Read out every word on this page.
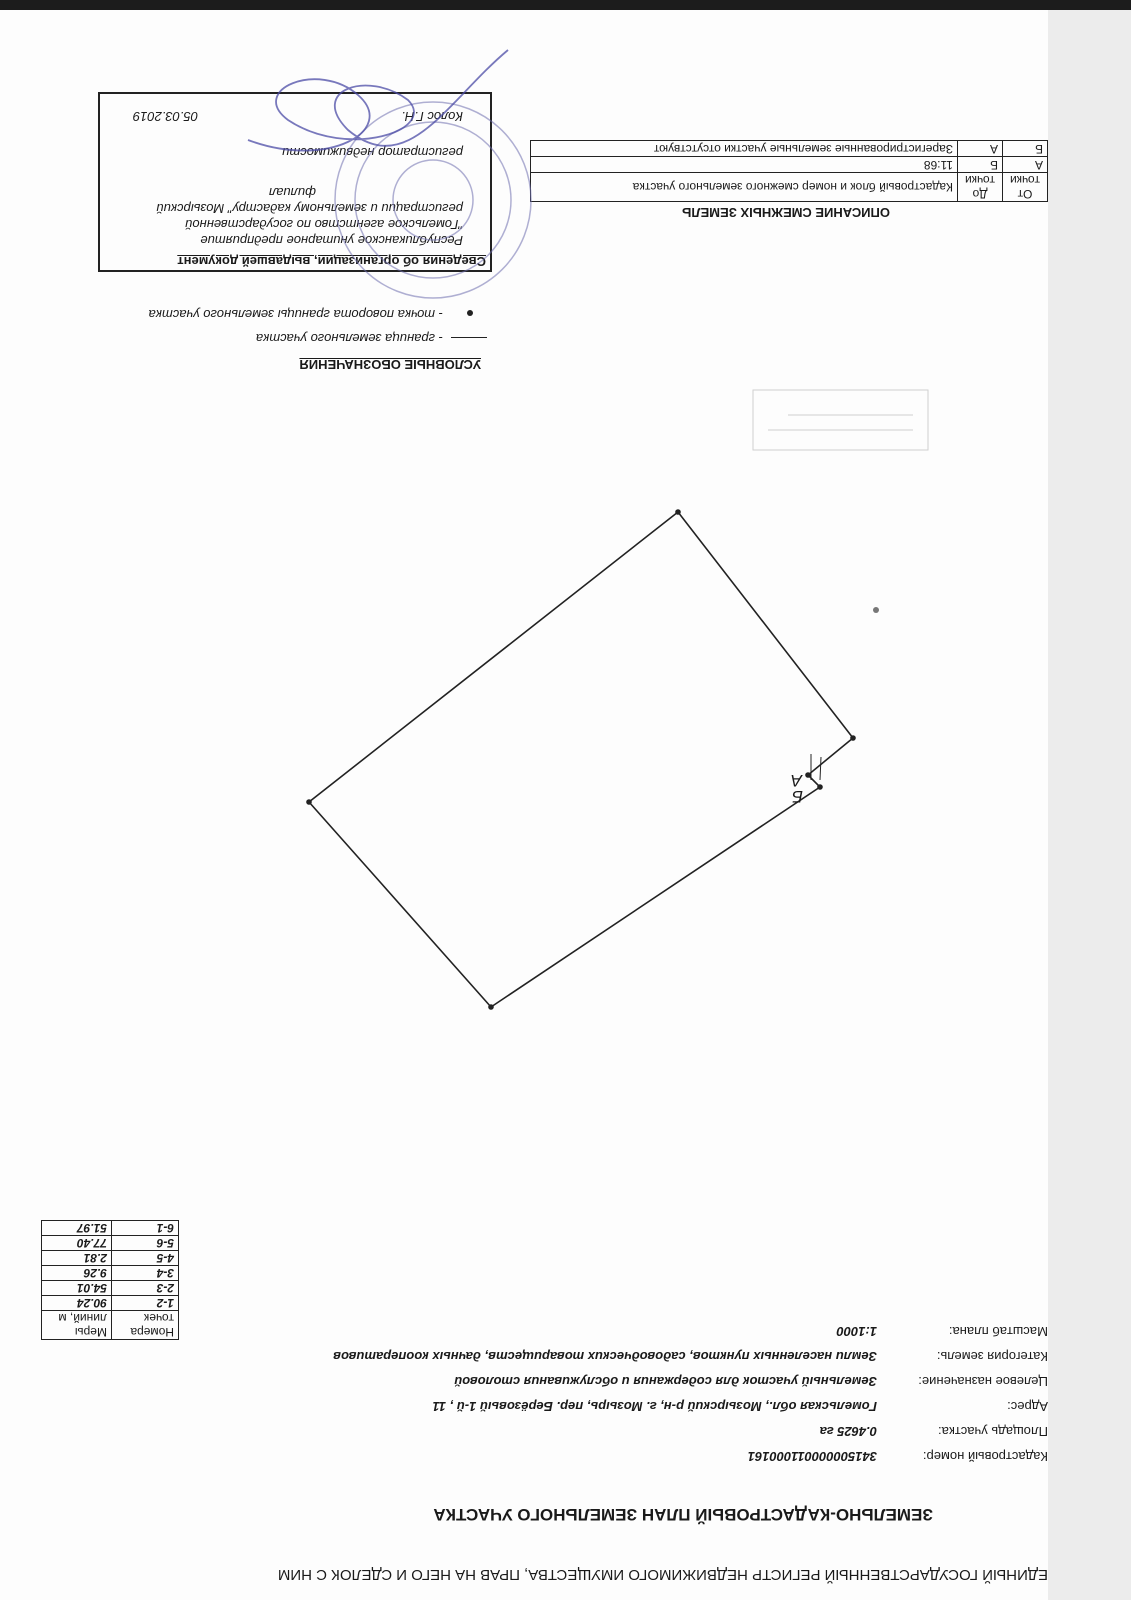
ЕДИНЫЙ ГОСУДАРСТВЕННЫЙ РЕГИСТР НЕДВИЖИМОГО ИМУЩЕСТВА, ПРАВ НА НЕГО И СДЕЛОК С НИМ
ЗЕМЕЛЬНО-КАДАСТРОВЫЙ ПЛАН ЗЕМЕЛЬНОГО УЧАСТКА
Кадастровый номер:
341500000011000161
Площадь участка:
0.4625 га
Адрес:
Гомельская обл., Мозырский р-н, г. Мозырь, пер. Берёзовый 1-й , 11
Целевое назначение:
Земельный участок для содержания и обслуживания столовой
Категория земель:
Земли населенных пунктов, садоводческих товариществ, дачных кооперативов
Масштаб плана:
1:1000
Номера точек	Меры линий, м
1-2	90.24
2-3	54.01
3-4	9.26
4-5	2.81
5-6	77.40
6-1	51.97
А
Б
УСЛОВНЫЕ ОБОЗНАЧЕНИЯ
- граница земельного участка
- точка поворота границы земельного участка
ОПИСАНИЕ СМЕЖНЫХ ЗЕМЕЛЬ
От точки	До точки	Кадастровый блок и номер смежного земельного участка
А	Б	11:68
Б	А	Зарегистрированные земельные участки отсутствуют
Сведения об организации, выдавшей документ
Республиканское унитарное предприятие
"Гомельское агентство по государственной
регистрации и земельному кадастру" Мозырский
филиал
регистратор недвижимости
Колос Г.Н.
05.03.2019
